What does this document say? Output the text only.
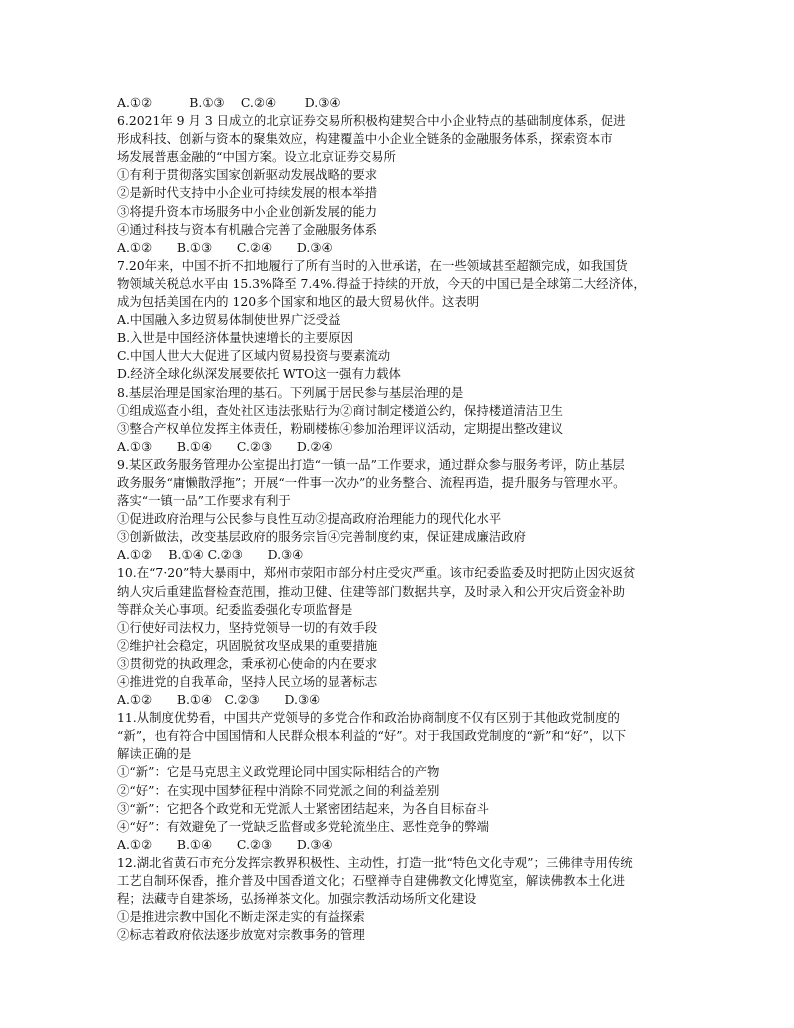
A.①②　　　B.①③　 C.②④　　 D.③④
6.2021年 9 月 3 日成立的北京证券交易所积极构建契合中小企业特点的基础制度体系，促进
形成科技、创新与资本的聚集效应，构建覆盖中小企业全链条的金融服务体系，探索资本市
场发展普惠金融的“中国方案。设立北京证券交易所
①有利于贯彻落实国家创新驱动发展战略的要求
②是新时代支持中小企业可持续发展的根本举措
③将提升资本市场服务中小企业创新发展的能力
④通过科技与资本有机融合完善了金融服务体系
A.①②　　B.①③　　C.②④　　D.③④
7.20年来，中国不折不扣地履行了所有当时的入世承诺，在一些领域甚至超额完成，如我国货
物领域关税总水平由 15.3%降至 7.4%.得益于持续的开放，今天的中国已是全球第二大经济体，
成为包括美国在内的 120多个国家和地区的最大贸易伙伴。这表明
A.中国融入多边贸易体制使世界广泛受益
B.入世是中国经济体量快速增长的主要原因
C.中国人世大大促进了区域内贸易投资与要素流动
D.经济全球化纵深发展要依托 WTO这一强有力载体
8.基层治理是国家治理的基石。下列属于居民参与基层治理的是
①组成巡查小组，查处社区违法张贴行为②商讨制定楼道公约，保持楼道清洁卫生
③整合产权单位发挥主体责任，粉刷楼栋④参加治理评议活动，定期提出整改建议
A.①③　　B.①④　　C.②③　　D.②④
9.某区政务服务管理办公室提出打造“一镇一品”工作要求，通过群众参与服务考评，防止基层
政务服务“庸懒散浮拖”；开展“一件事一次办”的业务整合、流程再造，提升服务与管理水平。
落实“一镇一品”工作要求有利于
①促进政府治理与公民参与良性互动②提高政府治理能力的现代化水平
③创新做法，改变基层政府的服务宗旨④完善制度约束，保证建成廉洁政府
A.①②　 B.①④ C.②③　　D.③④
10.在“7·20”特大暴雨中，郑州市荥阳市部分村庄受灾严重。该市纪委监委及时把防止因灾返贫
纳人灾后重建监督检查范围，推动卫健、住建等部门数据共享，及时录入和公开灾后资金补助
等群众关心事项。纪委监委强化专项监督是
①行使好司法权力，坚持党领导一切的有效手段
②维护社会稳定，巩固脱贫攻坚成果的重要措施
③贯彻党的执政理念，秉承初心使命的内在要求
④推进党的自我革命，坚持人民立场的显著标志
A.①②　　B.①④　C.②③　　D.③④
11.从制度优势看，中国共产党领导的多党合作和政治协商制度不仅有区别于其他政党制度的
“新”，也有符合中国国情和人民群众根本利益的“好”。对于我国政党制度的“新”和“好”，以下
解读正确的是
①“新”：它是马克思主义政党理论同中国实际相结合的产物
②“好”：在实现中国梦征程中消除不同党派之间的利益差别
③“新”：它把各个政党和无党派人士紧密团结起来，为各自目标奋斗
④“好”：有效避免了一党缺乏监督或多党轮流坐庄、恶性竞争的弊端
A.①②　　B.①④　　C.②③　　D.③④
12.湖北省黄石市充分发挥宗教界积极性、主动性，打造一批“特色文化寺观”；三佛律寺用传统
工艺自制环保香，推介普及中国香道文化；石壁禅寺自建佛教文化博览室，解读佛教本土化进
程；法藏寺自建茶场，弘扬禅茶文化。加强宗教活动场所文化建设
①是推进宗教中国化不断走深走实的有益探索
②标志着政府依法逐步放宽对宗教事务的管理
